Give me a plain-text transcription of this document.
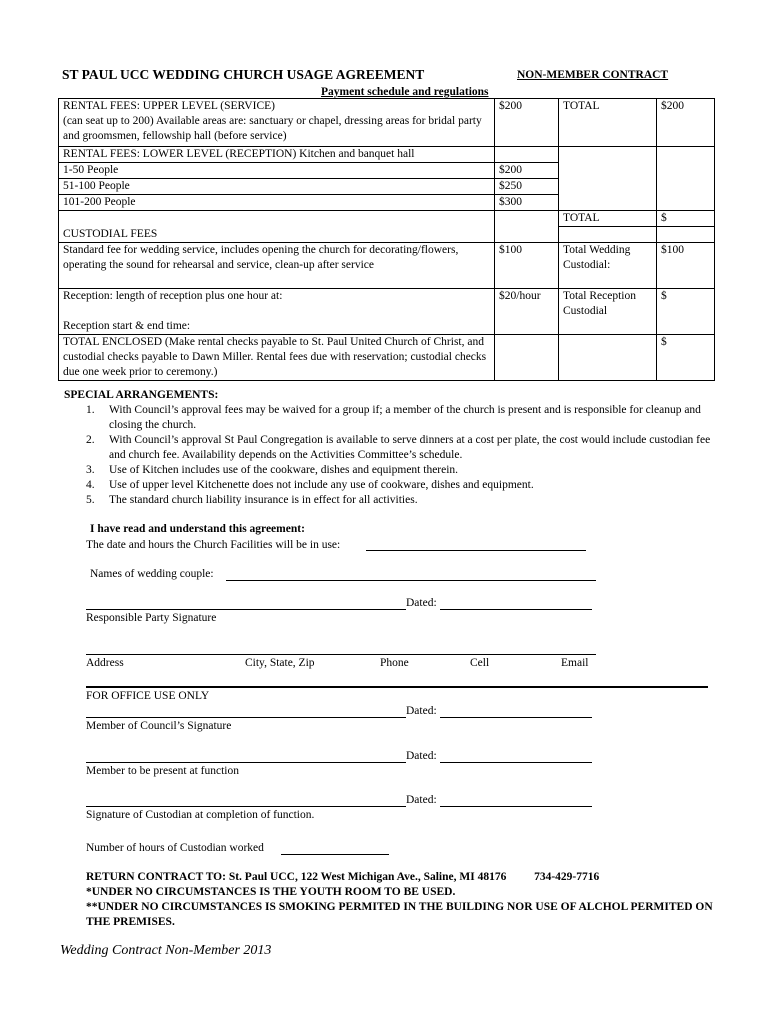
ST PAUL UCC WEDDING CHURCH USAGE AGREEMENT	NON-MEMBER CONTRACT
Payment schedule and regulations
RENTAL FEES: UPPER LEVEL (SERVICE)
(can seat up to 200) Available areas are: sanctuary or chapel, dressing areas for bridal party and groomsmen, fellowship hall (before service)	$200	TOTAL	$200
RENTAL FEES: LOWER LEVEL (RECEPTION) Kitchen and banquet hall			
1-50 People	$200		
51-100 People	$250		
101-200 People	$300		
		TOTAL	$
CUSTODIAL FEES			
Standard fee for wedding service, includes opening the church for decorating/flowers, operating the sound for rehearsal and service, clean-up after service	$100	Total Wedding Custodial:	$100

Reception: length of reception plus one hour at:
Reception start & end time:	$20/hour	Total Reception Custodial	$
TOTAL ENCLOSED (Make rental checks payable to St. Paul United Church of Christ, and custodial checks payable to Dawn Miller. Rental fees due with reservation; custodial checks due one week prior to ceremony.)			$
SPECIAL ARRANGEMENTS:
1. With Council’s approval fees may be waived for a group if; a member of the church is present and is responsible for cleanup and closing the church.
2. With Council’s approval St Paul Congregation is available to serve dinners at a cost per plate, the cost would include custodian fee and church fee. Availability depends on the Activities Committee’s schedule.
3. Use of Kitchen includes use of the cookware, dishes and equipment therein.
4. Use of upper level Kitchenette does not include any use of cookware, dishes and equipment.
5. The standard church liability insurance is in effect for all activities.
I have read and understand this agreement:
The date and hours the Church Facilities will be in use:
Names of wedding couple:
Dated:
Responsible Party Signature
Address	City, State, Zip	Phone	Cell	Email
FOR OFFICE USE ONLY
Dated:
Member of Council’s Signature
Dated:
Member to be present at function
Dated:
Signature of Custodian at completion of function.
Number of hours of Custodian worked
RETURN CONTRACT TO: St. Paul UCC, 122 West Michigan Ave., Saline, MI 48176 734-429-7716
*UNDER NO CIRCUMSTANCES IS THE YOUTH ROOM TO BE USED.
**UNDER NO CIRCUMSTANCES IS SMOKING PERMITED IN THE BUILDING NOR USE OF ALCHOL PERMITED ON THE PREMISES.
Wedding Contract Non-Member 2013
